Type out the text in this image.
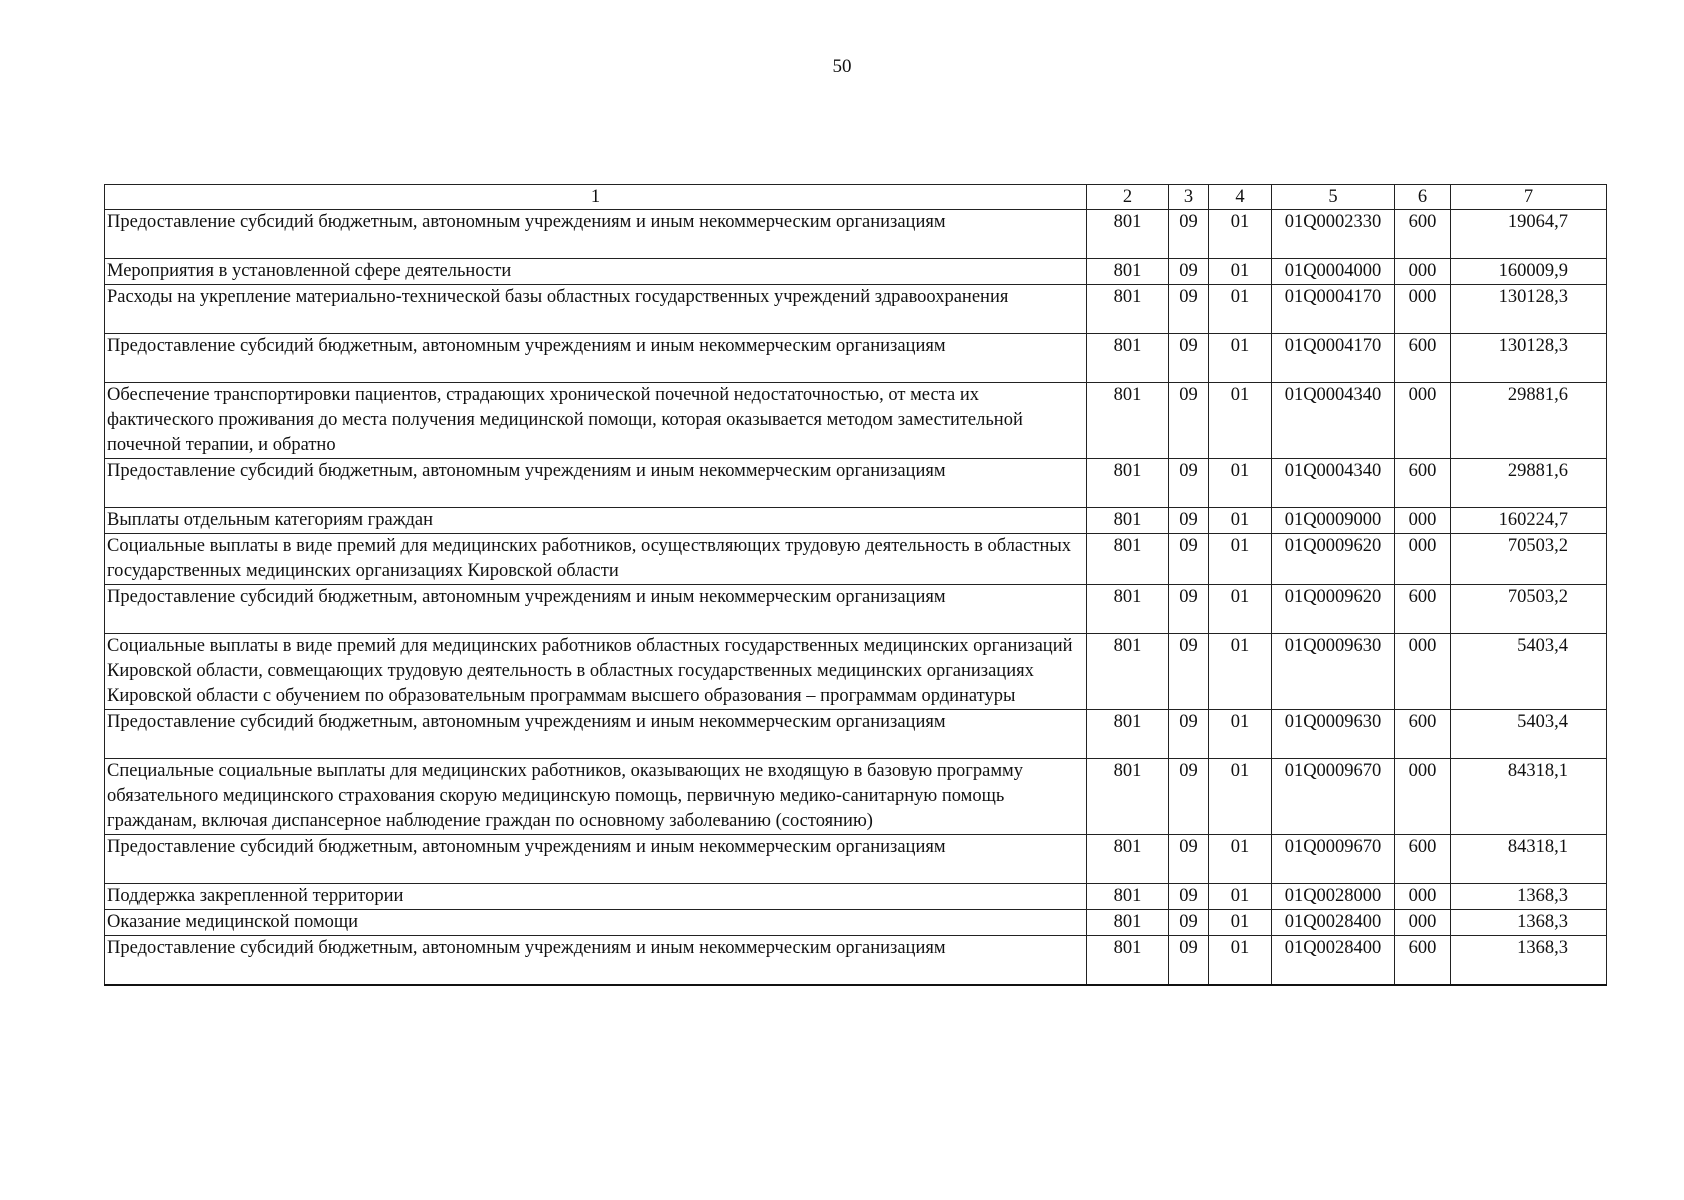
50
1	2	3	4	5	6	7
Предоставление субсидий бюджетным, автономным учреждениям и иным некоммерческим организациям	801	09	01	01Q0002330	600	19064,7
Мероприятия в установленной сфере деятельности	801	09	01	01Q0004000	000	160009,9
Расходы на укрепление материально-технической базы областных государственных учреждений здравоохранения	801	09	01	01Q0004170	000	130128,3
Предоставление субсидий бюджетным, автономным учреждениям и иным некоммерческим организациям	801	09	01	01Q0004170	600	130128,3
Обеспечение транспортировки пациентов, страдающих хронической почечной недостаточностью, от места их фактического проживания до места получения медицинской помощи, которая оказывается методом заместительной почечной терапии, и обратно	801	09	01	01Q0004340	000	29881,6
Предоставление субсидий бюджетным, автономным учреждениям и иным некоммерческим организациям	801	09	01	01Q0004340	600	29881,6
Выплаты отдельным категориям граждан	801	09	01	01Q0009000	000	160224,7
Социальные выплаты в виде премий для медицинских работников, осуществляющих трудовую деятельность в областных государственных медицинских организациях Кировской области	801	09	01	01Q0009620	000	70503,2
Предоставление субсидий бюджетным, автономным учреждениям и иным некоммерческим организациям	801	09	01	01Q0009620	600	70503,2
Социальные выплаты в виде премий для медицинских работников областных государственных медицинских организаций Кировской области, совмещающих трудовую деятельность в областных государственных медицинских организациях Кировской области с обучением по образовательным программам высшего образования – программам ординатуры	801	09	01	01Q0009630	000	5403,4
Предоставление субсидий бюджетным, автономным учреждениям и иным некоммерческим организациям	801	09	01	01Q0009630	600	5403,4
Специальные социальные выплаты для медицинских работников, оказывающих не входящую в базовую программу обязательного медицинского страхования скорую медицинскую помощь, первичную медико-санитарную помощь гражданам, включая диспансерное наблюдение граждан по основному заболеванию (состоянию)	801	09	01	01Q0009670	000	84318,1
Предоставление субсидий бюджетным, автономным учреждениям и иным некоммерческим организациям	801	09	01	01Q0009670	600	84318,1
Поддержка закрепленной территории	801	09	01	01Q0028000	000	1368,3
Оказание медицинской помощи	801	09	01	01Q0028400	000	1368,3
Предоставление субсидий бюджетным, автономным учреждениям и иным некоммерческим организациям	801	09	01	01Q0028400	600	1368,3
